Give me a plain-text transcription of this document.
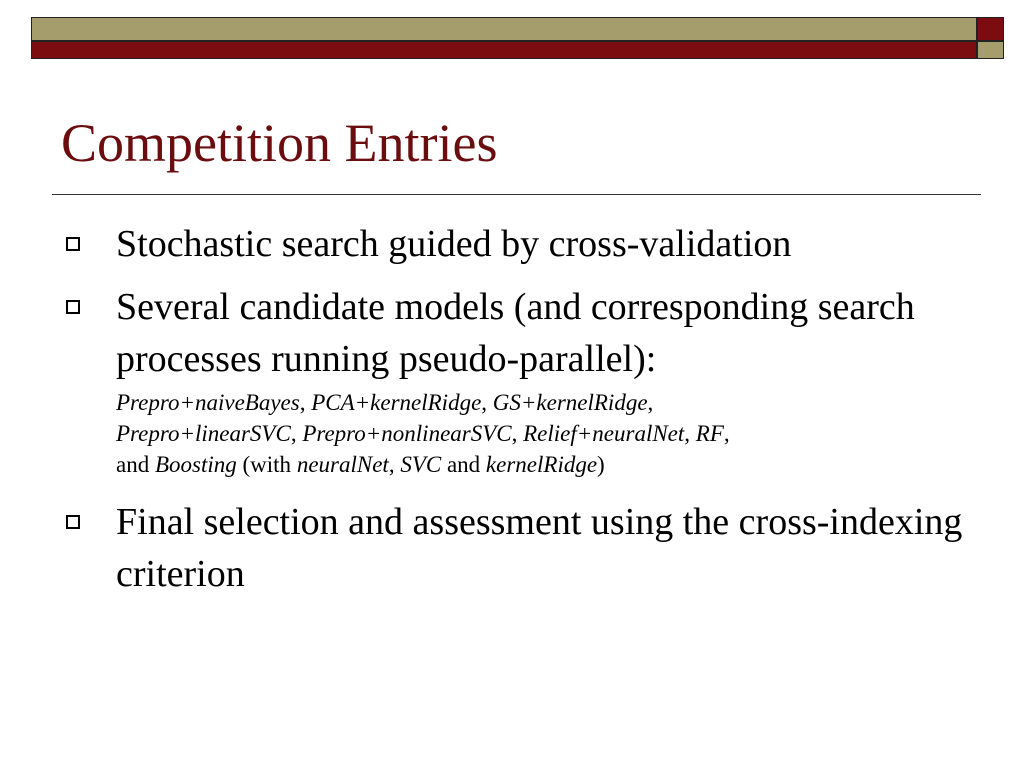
Competition Entries
Stochastic search guided by cross-validation
Several candidate models (and corresponding search processes running pseudo-parallel):
Prepro+naiveBayes, PCA+kernelRidge, GS+kernelRidge,
Prepro+linearSVC, Prepro+nonlinearSVC, Relief+neuralNet, RF,
and Boosting (with neuralNet, SVC and kernelRidge)
Final selection and assessment using the cross-indexing criterion
